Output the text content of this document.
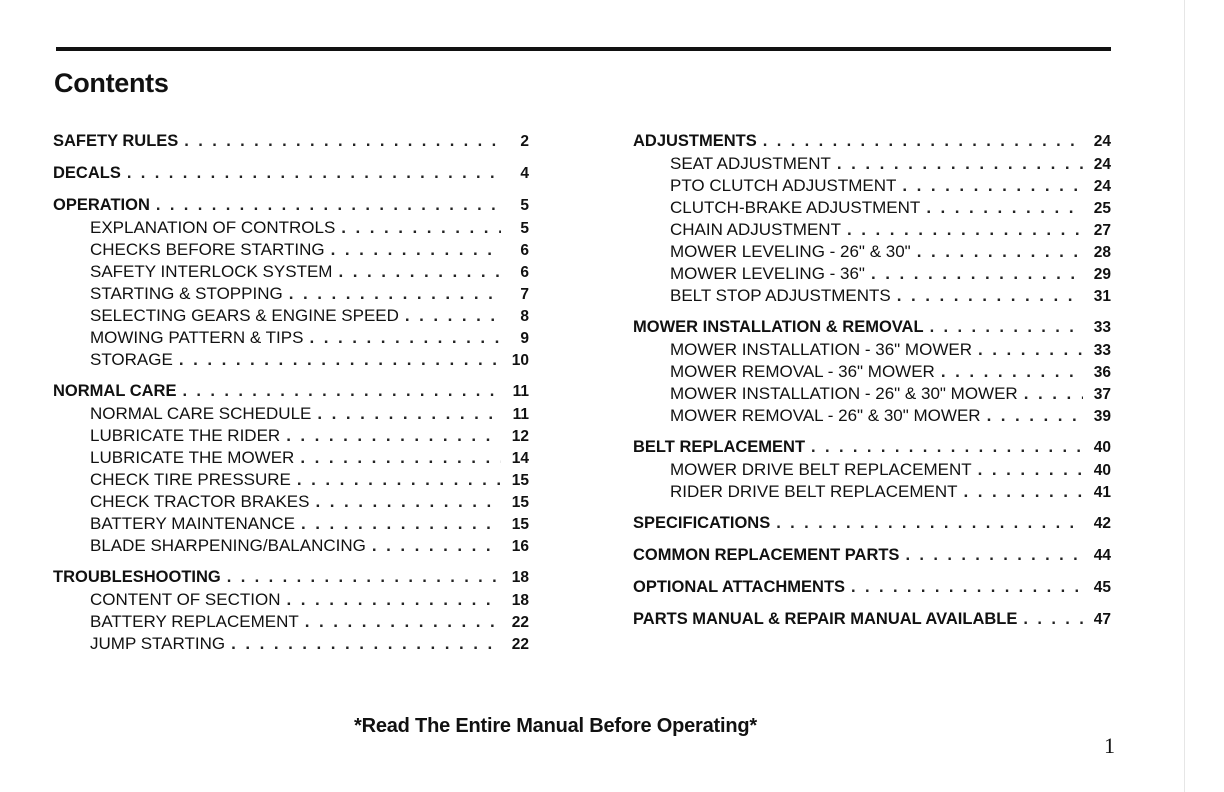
Contents
SAFETY RULES . . .	2
DECALS . . .	4
OPERATION . . .	5
EXPLANATION OF CONTROLS . . .	5
CHECKS BEFORE STARTING . . .	6
SAFETY INTERLOCK SYSTEM . . .	6
STARTING & STOPPING . . .	7
SELECTING GEARS & ENGINE SPEED . . .	8
MOWING PATTERN & TIPS . . .	9
STORAGE . . .	10
NORMAL CARE . . .	11
NORMAL CARE SCHEDULE . . .	11
LUBRICATE THE RIDER . . .	12
LUBRICATE THE MOWER . . .	14
CHECK TIRE PRESSURE . . .	15
CHECK TRACTOR BRAKES . . .	15
BATTERY MAINTENANCE . . .	15
BLADE SHARPENING/BALANCING . . .	16
TROUBLESHOOTING . . .	18
CONTENT OF SECTION . . .	18
BATTERY REPLACEMENT . . .	22
JUMP STARTING . . .	22
ADJUSTMENTS . . .	24
SEAT ADJUSTMENT . . .	24
PTO CLUTCH ADJUSTMENT . . .	24
CLUTCH-BRAKE ADJUSTMENT . . .	25
CHAIN ADJUSTMENT . . .	27
MOWER LEVELING - 26" & 30" . . .	28
MOWER LEVELING - 36" . . .	29
BELT STOP ADJUSTMENTS . . .	31
MOWER INSTALLATION & REMOVAL . . .	33
MOWER INSTALLATION - 36" MOWER . . .	33
MOWER REMOVAL - 36" MOWER . . .	36
MOWER INSTALLATION - 26" & 30" MOWER . . .	37
MOWER REMOVAL - 26" & 30" MOWER . . .	39
BELT REPLACEMENT . . .	40
MOWER DRIVE BELT REPLACEMENT . . .	40
RIDER DRIVE BELT REPLACEMENT . . .	41
SPECIFICATIONS . . .	42
COMMON REPLACEMENT PARTS . . .	44
OPTIONAL ATTACHMENTS . . .	45
PARTS MANUAL & REPAIR MANUAL AVAILABLE . . .	47
*Read The Entire Manual Before Operating*
1
